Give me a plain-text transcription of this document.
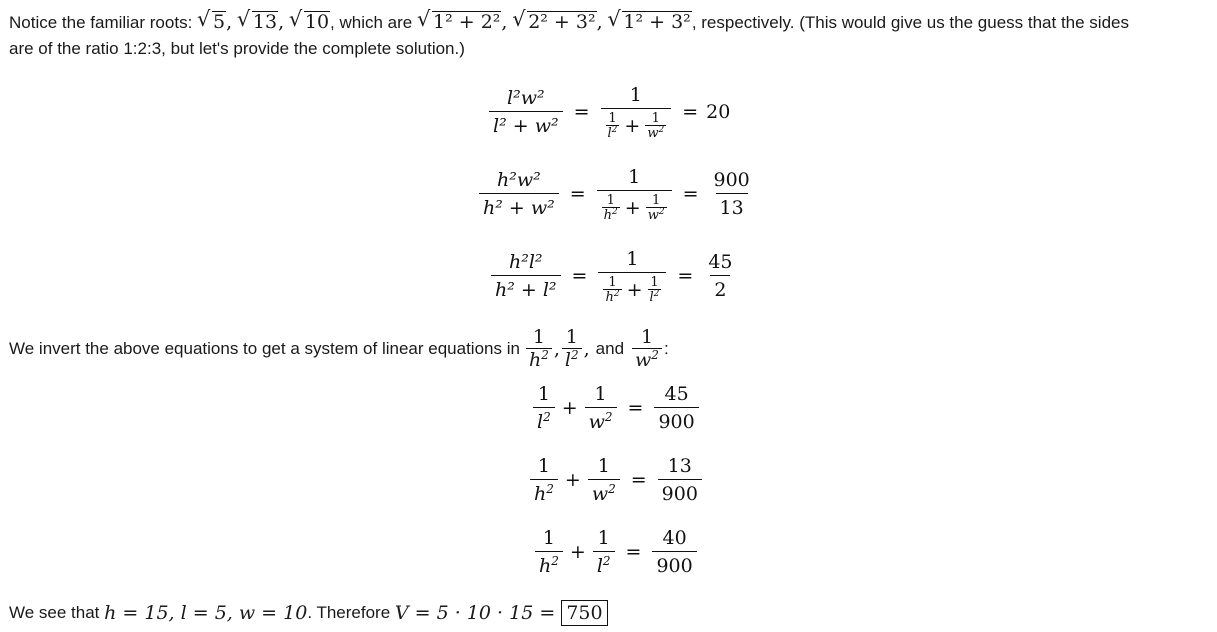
Notice the familiar roots: √ 5, √ 13, √ 10, which are √ 1² + 2², √ 2² + 3², √ 1² + 3², respectively. (This would give us the guess that the sides
are of the ratio 1:2:3, but let's provide the complete solution.)
$\frac{\text{l²w²}}{\text{l² + w²}} = \frac{1}{\frac{1}{l^2} + \frac{1}{w^2}} = 20$
$\frac{\text{h²w²}}{\text{h² + w²}} = \frac{1}{\frac{1}{h^2} + \frac{1}{w^2}} = \frac{900}{13}$
$\frac{\text{h²l²}}{\text{h² + l²}} = \frac{1}{\frac{1}{h^2} + \frac{1}{l^2}} = \frac{45}{2}$
We invert the above equations to get a system of linear equations in $\frac{1}{h^2}$ , $\frac{1}{l^2}$ , and $\frac{1}{w^2}$ :
$\frac{1}{l^2} + \frac{1}{w^2} = \frac{45}{900}$
$\frac{1}{h^2} + \frac{1}{w^2} = \frac{13}{900}$
$\frac{1}{h^2} + \frac{1}{l^2} = \frac{40}{900}$
We see that h = 15, l = 5, w = 10 . Therefore V = 5 · 10 · 15 = 750
